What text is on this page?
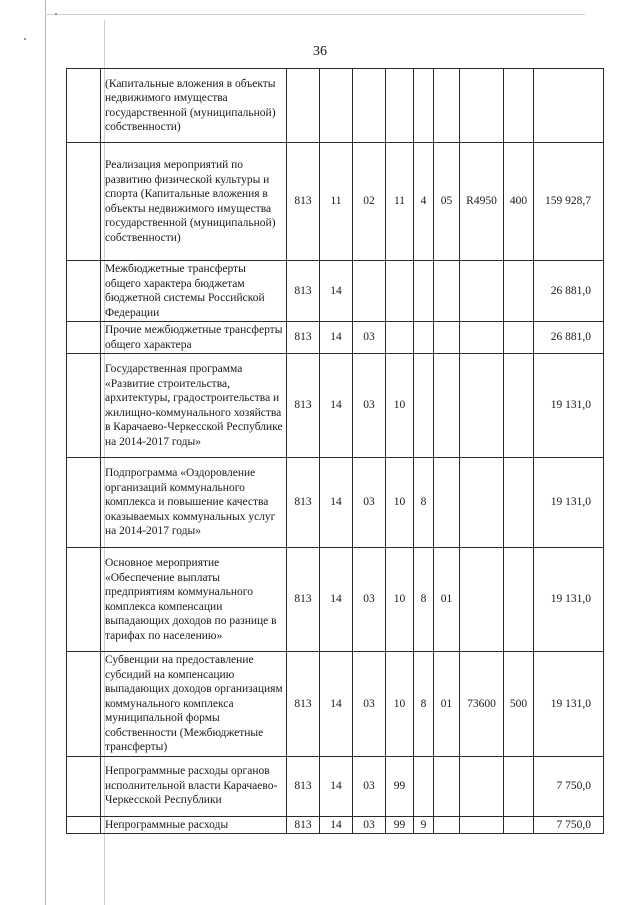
36
	(Капитальные вложения в объекты недвижимого имущества государственной (муниципальной) собственности)									
	Реализация мероприятий по развитию физической культуры и спорта (Капитальные вложения в объекты недвижимого имущества государственной (муниципальной) собственности)	813	11	02	11	4	05	R4950	400	159 928,7
	Межбюджетные трансферты общего характера бюджетам бюджетной системы Российской Федерации	813	14							26 881,0
	Прочие межбюджетные трансферты общего характера	813	14	03						26 881,0
	Государственная программа «Развитие строительства, архитектуры, градостроительства и жилищно-коммунального хозяйства в Карачаево-Черкесской Республике на 2014-2017 годы»	813	14	03	10					19 131,0
	Подпрограмма «Оздоровление организаций коммунального комплекса и повышение качества оказываемых коммунальных услуг на 2014-2017 годы»	813	14	03	10	8				19 131,0
	Основное мероприятие «Обеспечение выплаты предприятиям коммунального комплекса компенсации выпадающих доходов по разнице в тарифах по населению»	813	14	03	10	8	01			19 131,0
	Субвенции на предоставление субсидий на компенсацию выпадающих доходов организациям коммунального комплекса муниципальной формы собственности (Межбюджетные трансферты)	813	14	03	10	8	01	73600	500	19 131,0
	Непрограммные расходы органов исполнительной власти Карачаево-Черкесской Республики	813	14	03	99					7 750,0
	Непрограммные расходы	813	14	03	99	9				7 750,0
